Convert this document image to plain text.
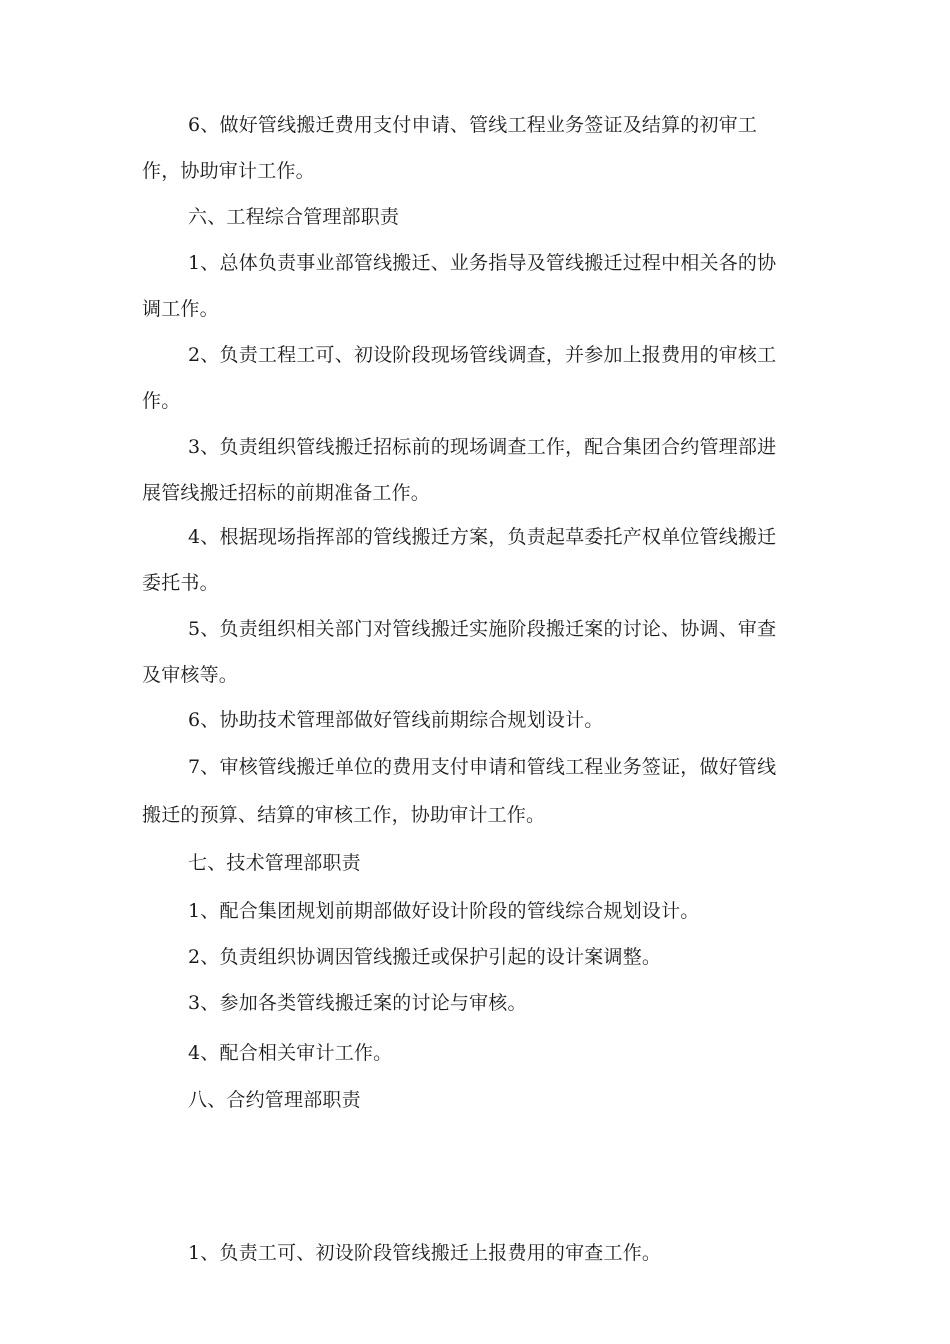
6、做好管线搬迁费用支付申请、管线工程业务签证及结算的初审工
作，协助审计工作。
六、工程综合管理部职责
1、总体负责事业部管线搬迁、业务指导及管线搬迁过程中相关各的协
调工作。
2、负责工程工可、初设阶段现场管线调查，并参加上报费用的审核工
作。
3、负责组织管线搬迁招标前的现场调查工作，配合集团合约管理部进
展管线搬迁招标的前期准备工作。
4、根据现场指挥部的管线搬迁方案，负责起草委托产权单位管线搬迁
委托书。
5、负责组织相关部门对管线搬迁实施阶段搬迁案的讨论、协调、审查
及审核等。
6、协助技术管理部做好管线前期综合规划设计。
7、审核管线搬迁单位的费用支付申请和管线工程业务签证，做好管线
搬迁的预算、结算的审核工作，协助审计工作。
七、技术管理部职责
1、配合集团规划前期部做好设计阶段的管线综合规划设计。
2、负责组织协调因管线搬迁或保护引起的设计案调整。
3、参加各类管线搬迁案的讨论与审核。
4、配合相关审计工作。
八、合约管理部职责
1、负责工可、初设阶段管线搬迁上报费用的审查工作。
